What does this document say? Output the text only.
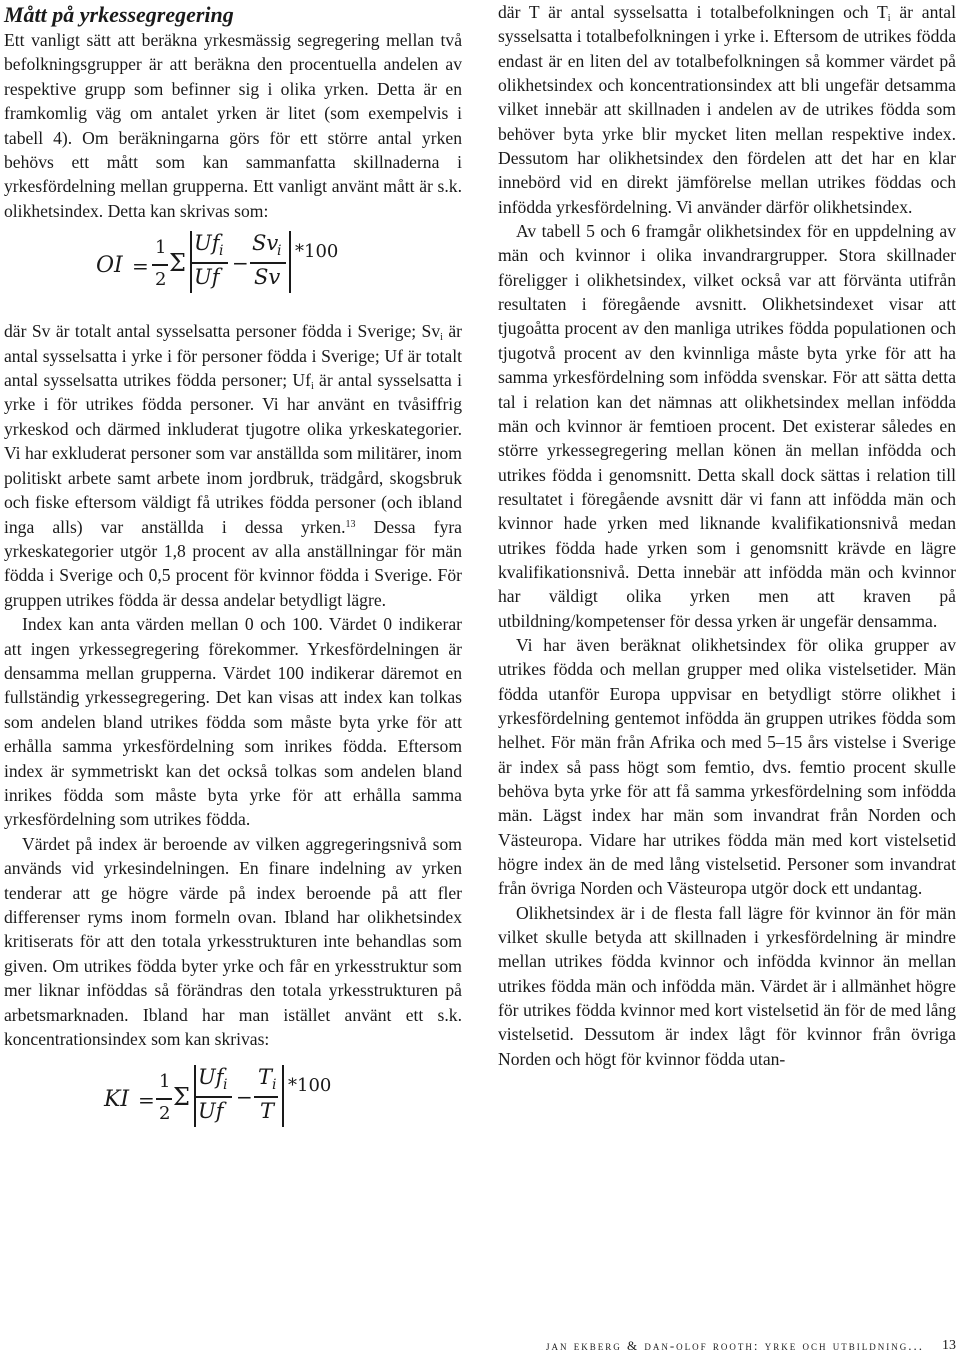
Mått på yrkessegregering

Ett vanligt sätt att beräkna yrkesmässig segregering mellan två befolkningsgrupper är att beräkna den procentuella andelen av respektive grupp som befinner sig i olika yrken. Detta är en framkomlig väg om antalet yrken är litet (som exempelvis i tabell 4). Om beräkningarna görs för ett större antal yrken behövs ett mått som kan sammanfatta skillnaderna i yrkesfördelning mellan grupperna. Ett vanligt använt mått är s.k. olikhetsindex. Detta kan skrivas som:

OI =
1
2
Σ
Uf i
Uf
−
Sv
i
Sv
*100

där Sv är totalt antal sysselsatta personer födda i Sverige; $Sv_i$ är antal sysselsatta i yrke i för personer födda i Sverige; Uf är totalt antal sysselsatta utrikes födda personer; $Uf_i$ är antal sysselsatta i yrke i för utrikes födda personer. Vi har använt en tvåsiffrig yrkeskod och därmed inkluderat tjugotre olika yrkeskategorier. Vi har exkluderat personer som var anställda som militärer, inom politiskt arbete samt arbete inom jordbruk, trädgård, skogsbruk och fiske eftersom väldigt få utrikes födda personer (och ibland inga alls) var anställda i dessa yrken.$^{13}$ Dessa fyra yrkeskategorier utgör 1,8 procent av alla anställningar för män födda i Sverige och 0,5 procent för kvinnor födda i Sverige. För gruppen utrikes födda är dessa andelar betydligt lägre.

Index kan anta värden mellan 0 och 100. Värdet 0 indikerar att ingen yrkessegregering förekommer. Yrkesfördelningen är densamma mellan grupperna. Värdet 100 indikerar däremot en fullständig yrkessegregering. Det kan visas att index kan tolkas som andelen bland utrikes födda som måste byta yrke för att erhålla samma yrkesfördelning som inrikes födda. Eftersom index är symmetriskt kan det också tolkas som andelen bland inrikes födda som måste byta yrke för att erhålla samma yrkesfördelning som utrikes födda.

Värdet på index är beroende av vilken aggregeringsnivå som används vid yrkesindelningen. En finare indelning av yrken tenderar att ge högre värde på index beroende på att fler differenser ryms inom formeln ovan. Ibland har olikhetsindex kritiserats för att den totala yrkesstrukturen inte behandlas som given. Om utrikes födda byter yrke och får en yrkesstruktur som mer liknar inföddas så förändras den totala yrkesstrukturen på arbetsmarknaden. Ibland har man istället använt ett s.k. koncentrationsindex som kan skrivas:

KI =
1
2
Σ
Uf i
Uf
−
T i
T
*100

där T är antal sysselsatta i totalbefolkningen och $T_i$ är antal sysselsatta i totalbefolkningen i yrke i. Eftersom de utrikes födda endast är en liten del av totalbefolkningen så kommer värdet på olikhetsindex och koncentrationsindex att bli ungefär detsamma vilket innebär att skillnaden i andelen av de utrikes födda som behöver byta yrke blir mycket liten mellan respektive index. Dessutom har olikhetsindex den fördelen att det har en klar innebörd vid en direkt jämförelse mellan utrikes föddas och infödda yrkesfördelning. Vi använder därför olikhetsindex.

Av tabell 5 och 6 framgår olikhetsindex för en uppdelning av män och kvinnor i olika invandrargrupper. Stora skillnader föreligger i olikhetsindex, vilket också var att förvänta utifrån resultaten i föregående avsnitt. Olikhetsindexet visar att tjugoåtta procent av den manliga utrikes födda populationen och tjugotvå procent av den kvinnliga måste byta yrke för att ha samma yrkesfördelning som infödda svenskar. För att sätta detta tal i relation kan det nämnas att olikhetsindex mellan infödda män och kvinnor är femtioen procent. Det existerar således en större yrkessegregering mellan könen än mellan infödda och utrikes födda i genomsnitt. Detta skall dock sättas i relation till resultatet i föregående avsnitt där vi fann att infödda män och kvinnor hade yrken med liknande kvalifikationsnivå medan utrikes födda hade yrken som i genomsnitt krävde en lägre kvalifikationsnivå. Detta innebär att infödda män och kvinnor har väldigt olika yrken men att kraven på utbildning/kompetenser för dessa yrken är ungefär densamma.

Vi har även beräknat olikhetsindex för olika grupper av utrikes födda och mellan grupper med olika vistelsetider. Män födda utanför Europa uppvisar en betydligt större olikhet i yrkesfördelning gentemot infödda än gruppen utrikes födda som helhet. För män från Afrika och med 5–15 års vistelse i Sverige är index så pass högt som femtio, dvs. femtio procent skulle behöva byta yrke för att få samma yrkesfördelning som infödda män. Lägst index har män som invandrat från Norden och Västeuropa. Vidare har utrikes födda män med kort vistelsetid högre index än de med lång vistelsetid. Personer som invandrat från övriga Norden och Västeuropa utgör dock ett undantag.

Olikhetsindex är i de flesta fall lägre för kvinnor än för män vilket skulle betyda att skillnaden i yrkesfördelning är mindre mellan utrikes födda kvinnor och infödda kvinnor än mellan utrikes födda män och infödda män. Värdet är i allmänhet högre för utrikes födda kvinnor med kort vistelsetid än för de med lång vistelsetid. Dessutom är index lågt för kvinnor från övriga Norden och högt för kvinnor födda utan-

jan ekberg & dan-olof rooth: yrke och utbildning... 13
